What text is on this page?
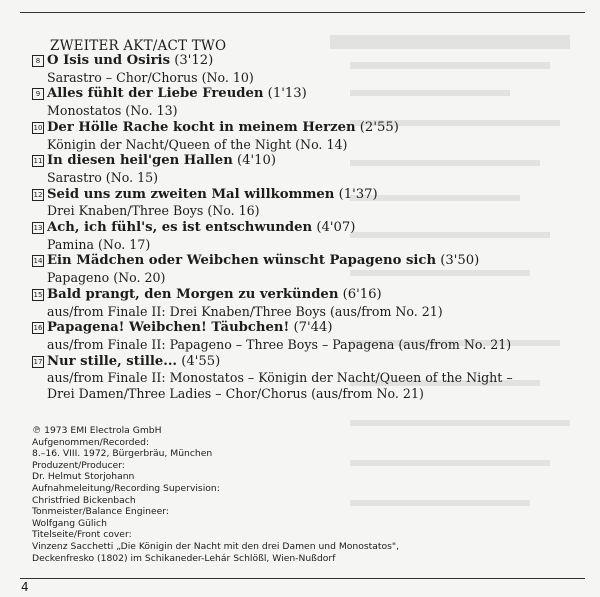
ZWEITER AKT/ACT TWO
8 O Isis und Osiris (3'12)
Sarastro – Chor/Chorus (No. 10)
9 Alles fühlt der Liebe Freuden (1'13)
Monostatos (No. 13)
10 Der Hölle Rache kocht in meinem Herzen (2'55)
Königin der Nacht/Queen of the Night (No. 14)
11 In diesen heil'gen Hallen (4'10)
Sarastro (No. 15)
12 Seid uns zum zweiten Mal willkommen (1'37)
Drei Knaben/Three Boys (No. 16)
13 Ach, ich fühl's, es ist entschwunden (4'07)
Pamina (No. 17)
14 Ein Mädchen oder Weibchen wünscht Papageno sich (3'50)
Papageno (No. 20)
15 Bald prangt, den Morgen zu verkünden (6'16)
aus/from Finale II: Drei Knaben/Three Boys (aus/from No. 21)
16 Papagena! Weibchen! Täubchen! (7'44)
aus/from Finale II: Papageno – Three Boys – Papagena (aus/from No. 21)
17 Nur stille, stille... (4'55)
aus/from Finale II: Monostatos – Königin der Nacht/Queen of the Night –
Drei Damen/Three Ladies – Chor/Chorus (aus/from No. 21)
℗ 1973 EMI Electrola GmbH
Aufgenommen/Recorded:
8.–16. VIII. 1972, Bürgerbräu, München
Produzent/Producer:
Dr. Helmut Storjohann
Aufnahmeleitung/Recording Supervision:
Christfried Bickenbach
Tonmeister/Balance Engineer:
Wolfgang Gülich
Titelseite/Front cover:
Vinzenz Sacchetti „Die Königin der Nacht mit den drei Damen und Monostatos",
Deckenfresko (1802) im Schikaneder-Lehár Schlößl, Wien-Nußdorf
4
